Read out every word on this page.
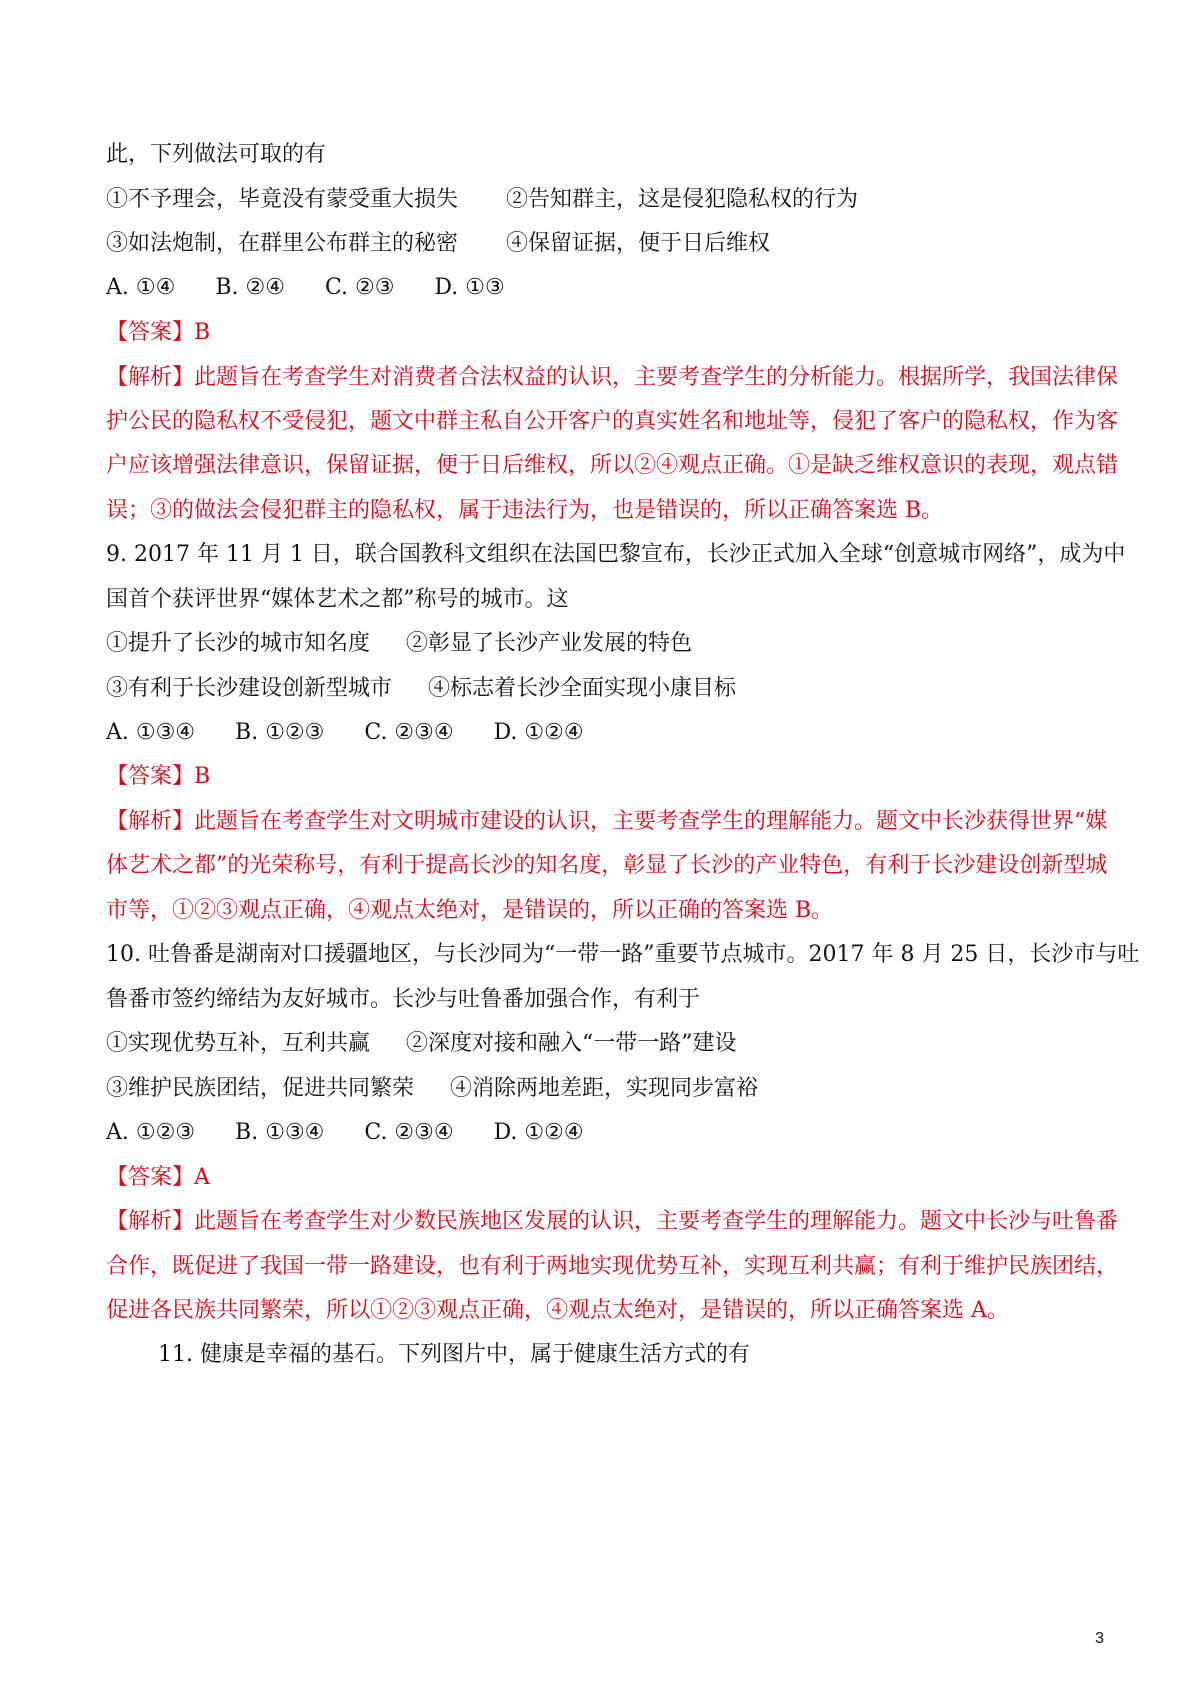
此，下列做法可取的有
①不予理会，毕竟没有蒙受重大损失 ②告知群主，这是侵犯隐私权的行为
③如法炮制，在群里公布群主的秘密 ④保留证据，便于日后维权
A. ①④ B. ②④ C. ②③ D. ①③
【答案】B
【解析】此题旨在考查学生对消费者合法权益的认识，主要考查学生的分析能力。根据所学，我国法律保
护公民的隐私权不受侵犯，题文中群主私自公开客户的真实姓名和地址等，侵犯了客户的隐私权，作为客
户应该增强法律意识，保留证据，便于日后维权，所以②④观点正确。①是缺乏维权意识的表现，观点错
误；③的做法会侵犯群主的隐私权，属于违法行为，也是错误的，所以正确答案选 B。
9. 2017 年 11 月 1 日，联合国教科文组织在法国巴黎宣布，长沙正式加入全球“创意城市网络”，成为中
国首个获评世界“媒体艺术之都”称号的城市。这
①提升了长沙的城市知名度 ②彰显了长沙产业发展的特色
③有利于长沙建设创新型城市 ④标志着长沙全面实现小康目标
A. ①③④ B. ①②③ C. ②③④ D. ①②④
【答案】B
【解析】此题旨在考查学生对文明城市建设的认识，主要考查学生的理解能力。题文中长沙获得世界“媒
体艺术之都”的光荣称号，有利于提高长沙的知名度，彰显了长沙的产业特色，有利于长沙建设创新型城
市等，①②③观点正确，④观点太绝对，是错误的，所以正确的答案选 B。
10. 吐鲁番是湖南对口援疆地区，与长沙同为“一带一路”重要节点城市。2017 年 8 月 25 日，长沙市与吐
鲁番市签约缔结为友好城市。长沙与吐鲁番加强合作，有利于
①实现优势互补，互利共赢 ②深度对接和融入“一带一路”建设
③维护民族团结，促进共同繁荣 ④消除两地差距，实现同步富裕
A. ①②③ B. ①③④ C. ②③④ D. ①②④
【答案】A
【解析】此题旨在考查学生对少数民族地区发展的认识，主要考查学生的理解能力。题文中长沙与吐鲁番
合作，既促进了我国一带一路建设，也有利于两地实现优势互补，实现互利共赢；有利于维护民族团结，
促进各民族共同繁荣，所以①②③观点正确，④观点太绝对，是错误的，所以正确答案选 A。
11. 健康是幸福的基石。下列图片中，属于健康生活方式的有
3
